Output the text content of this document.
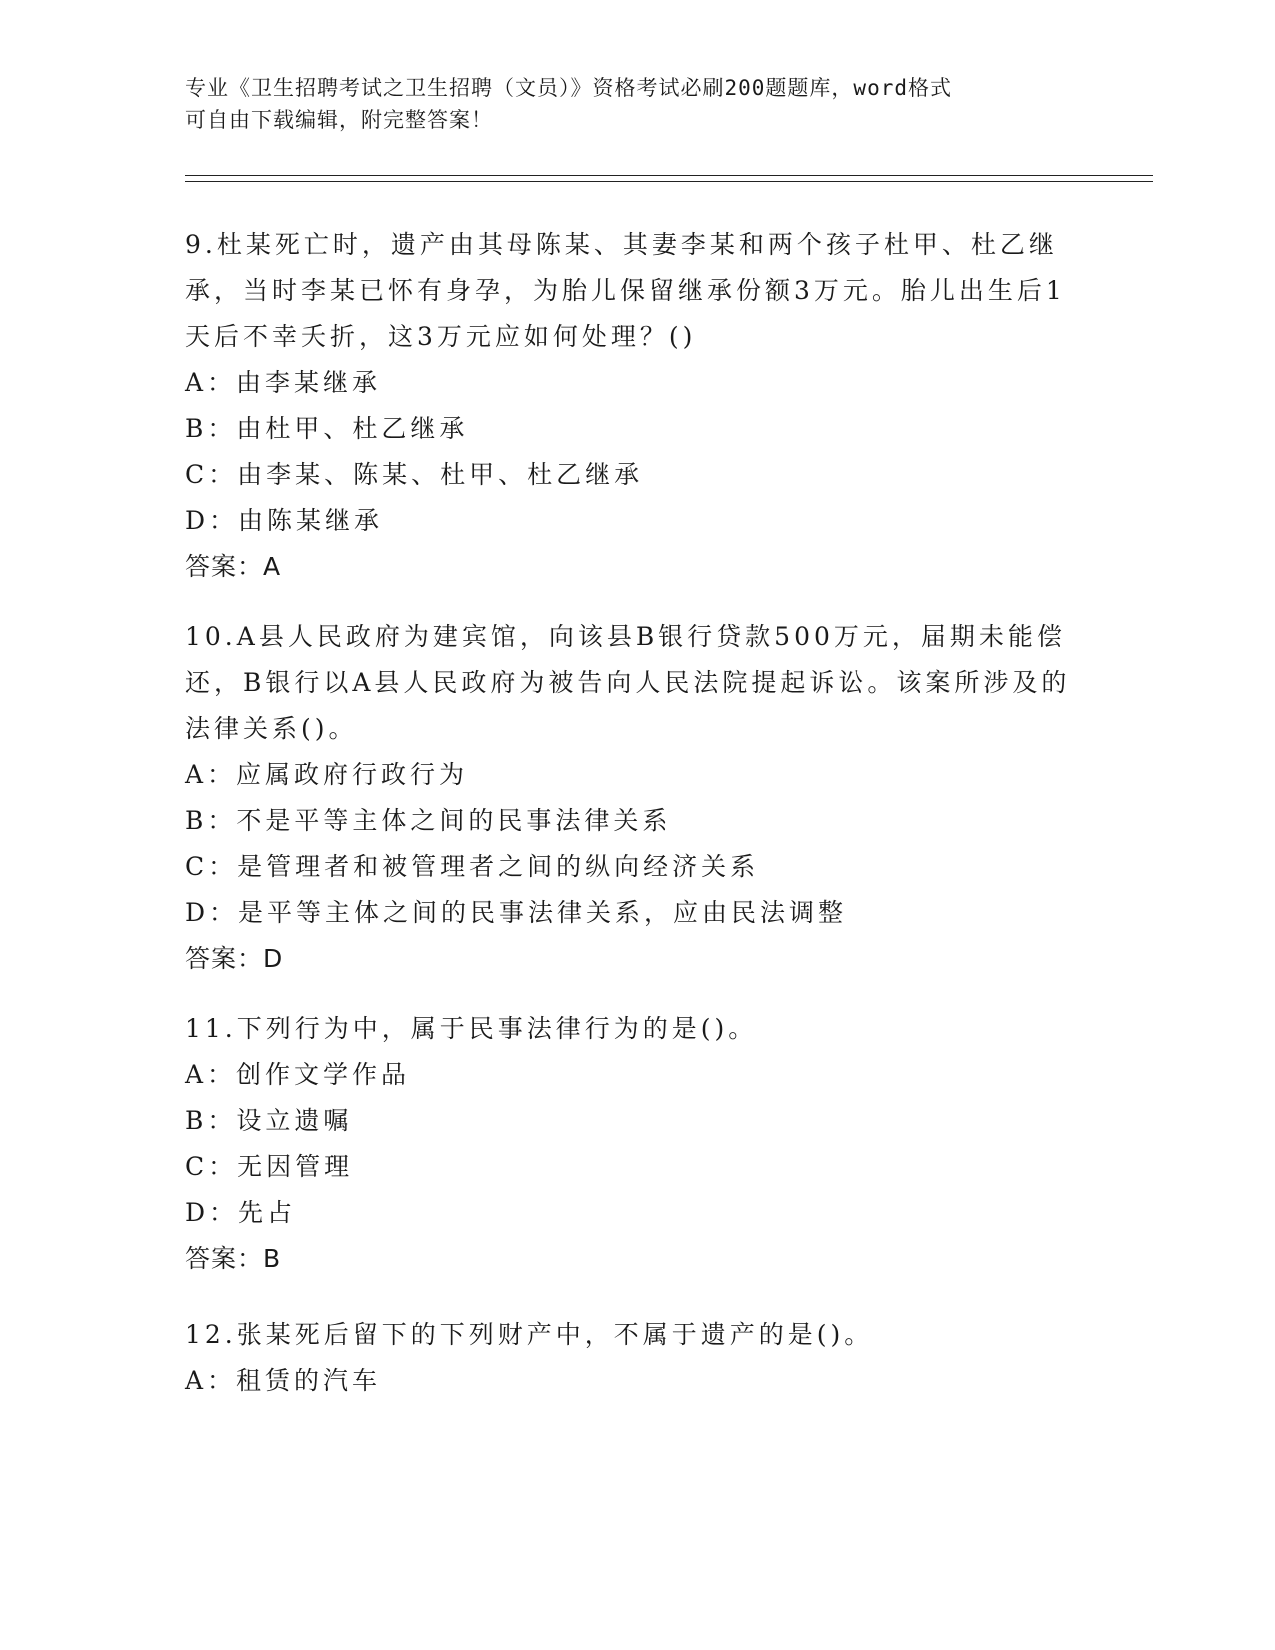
专业《卫生招聘考试之卫生招聘（文员）》资格考试必刷200题题库，word格式
可自由下载编辑，附完整答案！

9.杜某死亡时，遗产由其母陈某、其妻李某和两个孩子杜甲、杜乙继承，当时李某已怀有身孕，为胎儿保留继承份额3万元。胎儿出生后1天后不幸夭折，这3万元应如何处理？()

A：由李某继承

B：由杜甲、杜乙继承

C：由李某、陈某、杜甲、杜乙继承

D：由陈某继承

答案：A

10.A县人民政府为建宾馆，向该县B银行贷款500万元，届期未能偿还，B银行以A县人民政府为被告向人民法院提起诉讼。该案所涉及的法律关系()。

A：应属政府行政行为

B：不是平等主体之间的民事法律关系

C：是管理者和被管理者之间的纵向经济关系

D：是平等主体之间的民事法律关系，应由民法调整

答案：D

11.下列行为中，属于民事法律行为的是()。

A：创作文学作品

B：设立遗嘱

C：无因管理

D：先占

答案：B

12.张某死后留下的下列财产中，不属于遗产的是()。

A：租赁的汽车
